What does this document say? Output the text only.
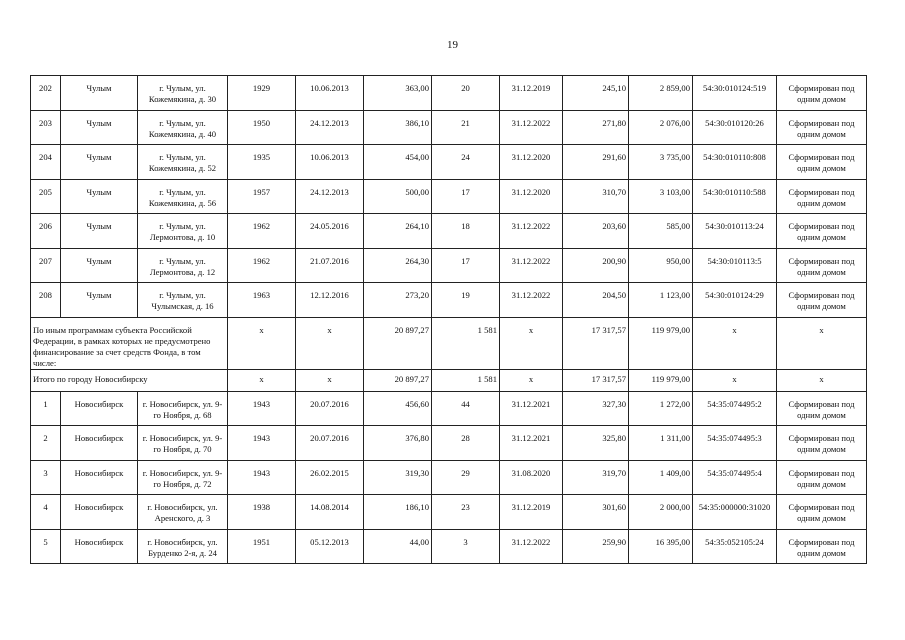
19
202	Чулым	г. Чулым, ул. Кожемякина, д. 30	1929	10.06.2013	363,00	20	31.12.2019	245,10	2 859,00	54:30:010124:519	Сформирован под одним домом
203	Чулым	г. Чулым, ул. Кожемякина, д. 40	1950	24.12.2013	386,10	21	31.12.2022	271,80	2 076,00	54:30:010120:26	Сформирован под одним домом
204	Чулым	г. Чулым, ул. Кожемякина, д. 52	1935	10.06.2013	454,00	24	31.12.2020	291,60	3 735,00	54:30:010110:808	Сформирован под одним домом
205	Чулым	г. Чулым, ул. Кожемякина, д. 56	1957	24.12.2013	500,00	17	31.12.2020	310,70	3 103,00	54:30:010110:588	Сформирован под одним домом
206	Чулым	г. Чулым, ул. Лермонтова, д. 10	1962	24.05.2016	264,10	18	31.12.2022	203,60	585,00	54:30:010113:24	Сформирован под одним домом
207	Чулым	г. Чулым, ул. Лермонтова, д. 12	1962	21.07.2016	264,30	17	31.12.2022	200,90	950,00	54:30:010113:5	Сформирован под одним домом
208	Чулым	г. Чулым, ул. Чулымская, д. 16	1963	12.12.2016	273,20	19	31.12.2022	204,50	1 123,00	54:30:010124:29	Сформирован под одним домом
По иным программам субъекта Российской Федерации, в рамках которых не предусмотрено финансирование за счет средств Фонда, в том числе:			х	х	20 897,27	1 581	х	17 317,57	119 979,00	х	х
Итого по городу Новосибирску			х	х	20 897,27	1 581	х	17 317,57	119 979,00	х	х
1	Новосибирск	г. Новосибирск, ул. 9-го Ноября, д. 68	1943	20.07.2016	456,60	44	31.12.2021	327,30	1 272,00	54:35:074495:2	Сформирован под одним домом
2	Новосибирск	г. Новосибирск, ул. 9-го Ноября, д. 70	1943	20.07.2016	376,80	28	31.12.2021	325,80	1 311,00	54:35:074495:3	Сформирован под одним домом
3	Новосибирск	г. Новосибирск, ул. 9-го Ноября, д. 72	1943	26.02.2015	319,30	29	31.08.2020	319,70	1 409,00	54:35:074495:4	Сформирован под одним домом
4	Новосибирск	г. Новосибирск, ул. Аренского, д. 3	1938	14.08.2014	186,10	23	31.12.2019	301,60	2 000,00	54:35:000000:31020	Сформирован под одним домом
5	Новосибирск	г. Новосибирск, ул. Бурденко 2-я, д. 24	1951	05.12.2013	44,00	3	31.12.2022	259,90	16 395,00	54:35:052105:24	Сформирован под одним домом
